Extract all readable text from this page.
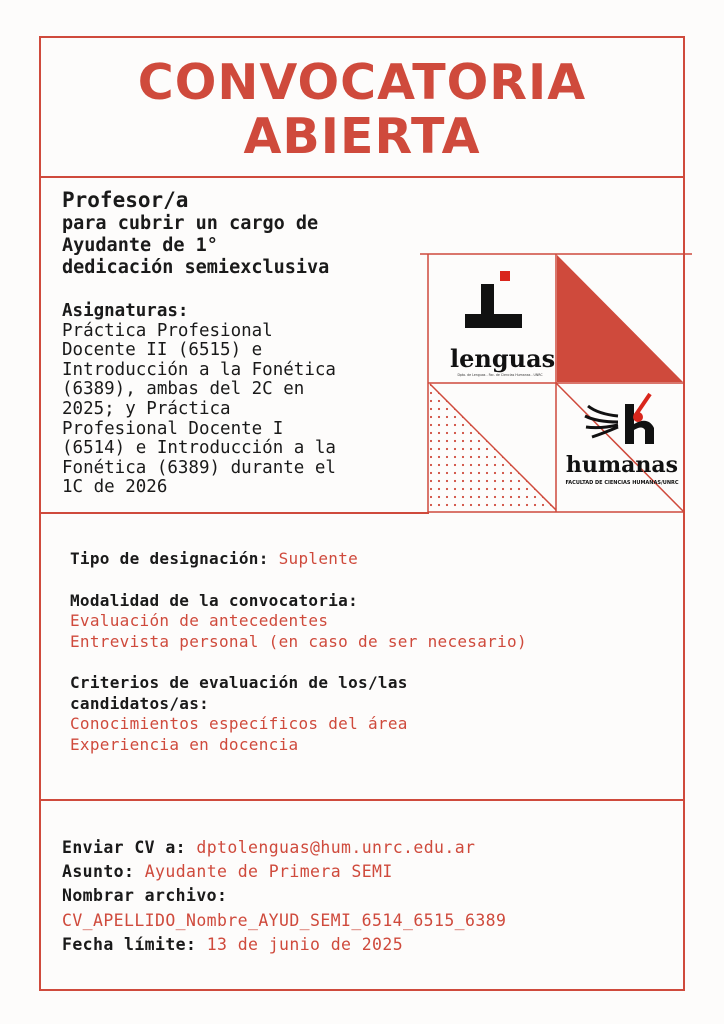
CONVOCATORIA
ABIERTA
Profesor/a
para cubrir un cargo de
Ayudante de 1°
dedicación semiexclusiva
Asignaturas:
Práctica Profesional
Docente II (6515) e
Introducción a la Fonética
(6389), ambas del 2C en
2025; y Práctica
Profesional Docente I
(6514) e Introducción a la
Fonética (6389) durante el
1C de 2026
lenguas
Dpto. de Lenguas - Fac. de Ciencias Humanas - UNRC
humanas
FACULTAD DE CIENCIAS HUMANAS/UNRC
Tipo de designación: Suplente
Modalidad de la convocatoria:
Evaluación de antecedentes
Entrevista personal (en caso de ser necesario)
Criterios de evaluación de los/las
candidatos/as:
Conocimientos específicos del área
Experiencia en docencia
Enviar CV a: dptolenguas@hum.unrc.edu.ar
Asunto: Ayudante de Primera SEMI
Nombrar archivo:
CV_APELLIDO_Nombre_AYUD_SEMI_6514_6515_6389
Fecha límite: 13 de junio de 2025
